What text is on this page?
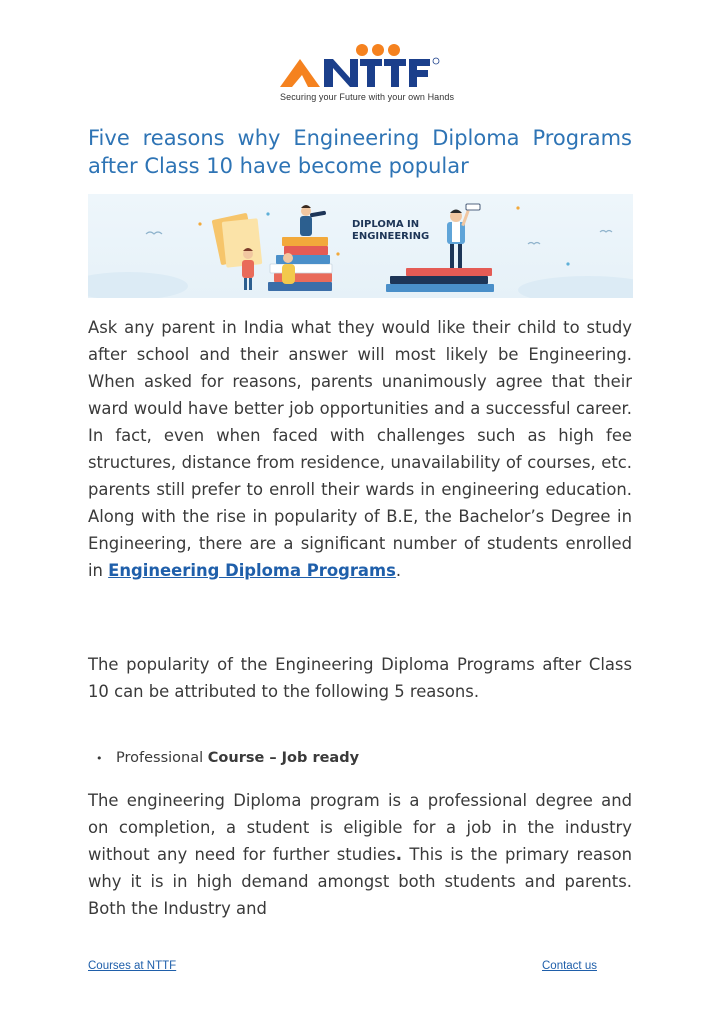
Securing your Future with your own Hands
Five reasons why Engineering Diploma Programs after Class 10 have become popular
DIPLOMA IN
ENGINEERING

Ask any parent in India what they would like their child to study after school and their answer will most likely be Engineering. When asked for reasons, parents unanimously agree that their ward would have better job opportunities and a successful career. In fact, even when faced with challenges such as high fee structures, distance from residence, unavailability of courses, etc. parents still prefer to enroll their wards in engineering education. Along with the rise in popularity of B.E, the Bachelor’s Degree in Engineering, there are a significant number of students enrolled in Engineering Diploma Programs.

The popularity of the Engineering Diploma Programs after Class 10 can be attributed to the following 5 reasons.

• Professional Course – Job ready

The engineering Diploma program is a professional degree and on completion, a student is eligible for a job in the industry without any need for further studies. This is the primary reason why it is in high demand amongst both students and parents. Both the Industry and

Courses at NTTF	Contact us
